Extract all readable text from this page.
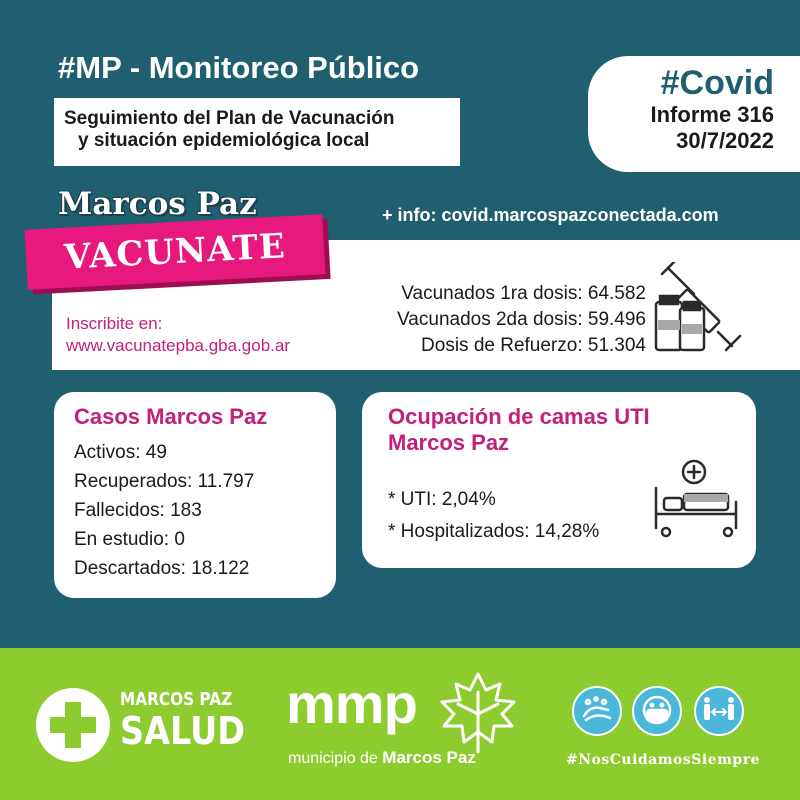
#MP - Monitoreo Público
Seguimiento del Plan de Vacunación
y situación epidemiológica local
#Covid
Informe 316
30/7/2022
+ info: covid.marcospazconectada.com
Marcos Paz
VACUNATE
Inscribite en:
www.vacunatepba.gba.gob.ar
Vacunados 1ra dosis: 64.582
Vacunados 2da dosis: 59.496
Dosis de Refuerzo: 51.304
Casos Marcos Paz
Activos: 49
Recuperados: 11.797
Fallecidos: 183
En estudio: 0
Descartados: 18.122
Ocupación de camas UTI
Marcos Paz
* UTI: 2,04%
* Hospitalizados: 14,28%
MARCOS PAZ
SALUD mmp
municipio de Marcos Paz	#NosCuidamosSiempre
